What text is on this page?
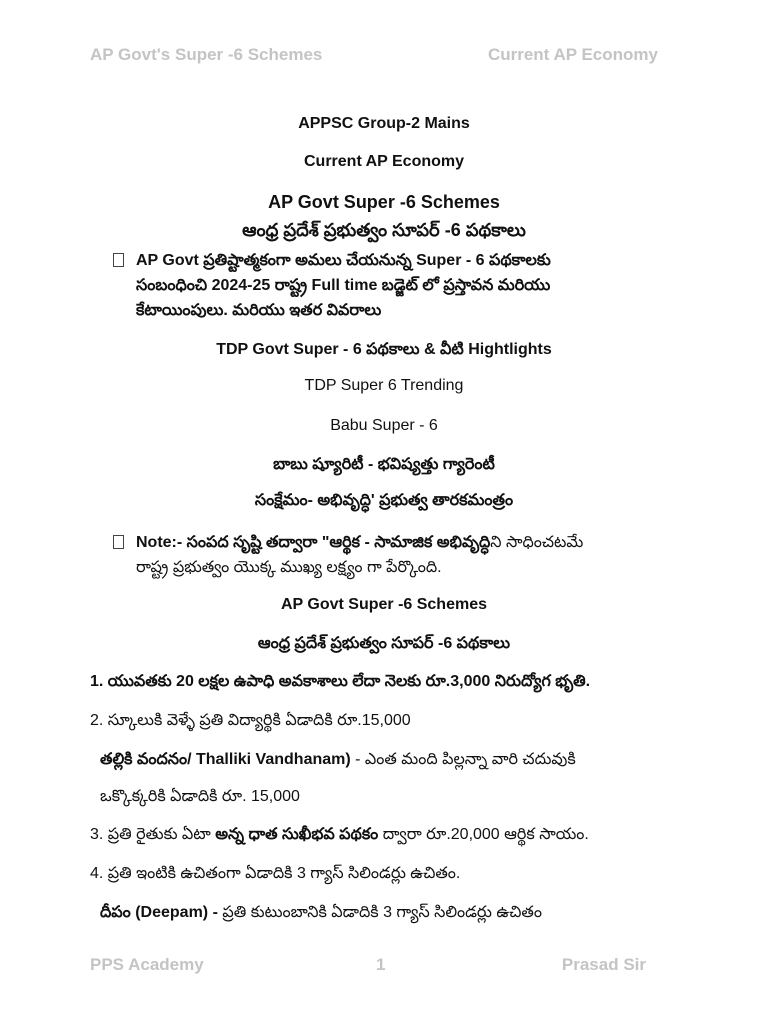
AP Govt's Super -6 Schemes	Current AP Economy
APPSC Group-2 Mains
Current AP Economy
AP Govt Super -6 Schemes
ఆంధ్ర ప్రదేశ్ ప్రభుత్వం సూపర్ -6 పథకాలు
AP Govt ప్రతిష్టాత్మకంగా అమలు చేయనున్న Super - 6 పథకాలకు
సంబంధించి 2024-25 రాష్ట్ర Full time బడ్జెట్ లో ప్రస్తావన మరియు
కేటాయింపులు. మరియు ఇతర వివరాలు
TDP Govt Super - 6 పథకాలు & వీటి Hightlights
TDP Super 6 Trending
Babu Super - 6
బాబు ష్యూరిటీ - భవిష్యత్తు గ్యారెంటీ
సంక్షేమం- అభివృద్ధి' ప్రభుత్వ తారకమంత్రం
Note:- సంపద సృష్టి తద్వారా "ఆర్థిక - సామాజిక అభివృద్ధిని సాధించటమే
రాష్ట్ర ప్రభుత్వం యొక్క ముఖ్య లక్ష్యం గా పేర్కొంది.
AP Govt Super -6 Schemes
ఆంధ్ర ప్రదేశ్ ప్రభుత్వం సూపర్ -6 పథకాలు
1. యువతకు 20 లక్షల ఉపాధి అవకాశాలు లేదా నెలకు రూ.3,000 నిరుద్యోగ భృతి.
2. స్కూలుకి వెళ్ళే ప్రతి విద్యార్థికి ఏడాదికి రూ.15,000
తల్లికి వందనం/ Thalliki Vandhanam) - ఎంత మంది పిల్లన్నా వారి చదువుకి
ఒక్కొక్కరికి ఏడాదికి రూ. 15,000
3. ప్రతి రైతుకు ఏటా అన్న ధాత సుఖీభవ పథకం ద్వారా రూ.20,000 ఆర్థిక సాయం.
4. ప్రతి ఇంటికి ఉచితంగా ఏడాదికి 3 గ్యాస్ సిలిండర్లు ఉచితం.
దీపం (Deepam) - ప్రతి కుటుంబానికి ఏడాదికి 3 గ్యాస్ సిలిండర్లు ఉచితం
PPS Academy	1	Prasad Sir
